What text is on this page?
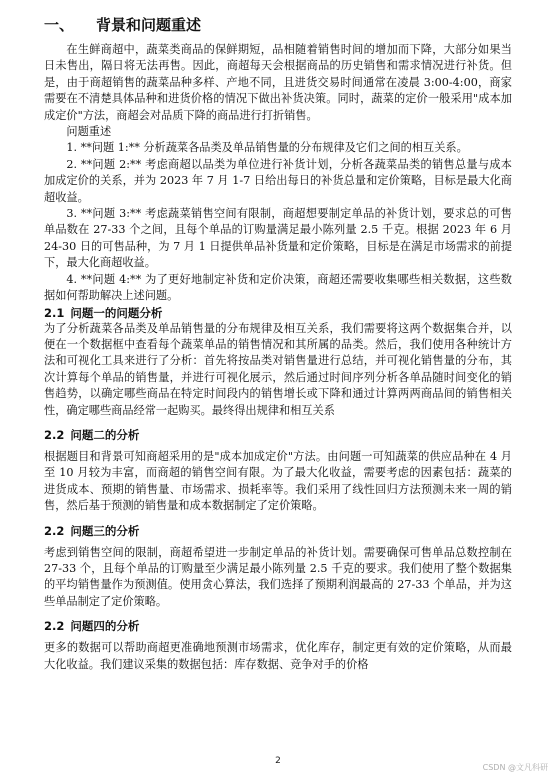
一、 背景和问题重述

在生鲜商超中，蔬菜类商品的保鲜期短，品相随着销售时间的增加而下降，大部分如果当日未售出，隔日将无法再售。因此，商超每天会根据商品的历史销售和需求情况进行补货。但是，由于商超销售的蔬菜品种多样、产地不同，且进货交易时间通常在凌晨 3:00-4:00，商家需要在不清楚具体品种和进货价格的情况下做出补货决策。同时，蔬菜的定价一般采用"成本加成定价"方法，商超会对品质下降的商品进行打折销售。

问题重述

1. **问题 1:** 分析蔬菜各品类及单品销售量的分布规律及它们之间的相互关系。

2. **问题 2:** 考虑商超以品类为单位进行补货计划，分析各蔬菜品类的销售总量与成本加成定价的关系，并为 2023 年 7 月 1-7 日给出每日的补货总量和定价策略，目标是最大化商超收益。

3. **问题 3:** 考虑蔬菜销售空间有限制，商超想要制定单品的补货计划，要求总的可售单品数在 27-33 个之间，且每个单品的订购量满足最小陈列量 2.5 千克。根据 2023 年 6 月 24-30 日的可售品种，为 7 月 1 日提供单品补货量和定价策略，目标是在满足市场需求的前提下，最大化商超收益。

4. **问题 4:** 为了更好地制定补货和定价决策，商超还需要收集哪些相关数据，这些数据如何帮助解决上述问题。

2.1 问题一的问题分析

为了分析蔬菜各品类及单品销售量的分布规律及相互关系，我们需要将这两个数据集合并，以便在一个数据框中查看每个蔬菜单品的销售情况和其所属的品类。然后，我们使用各种统计方法和可视化工具来进行了分析：首先将按品类对销售量进行总结，并可视化销售量的分布，其次计算每个单品的销售量，并进行可视化展示，然后通过时间序列分析各单品随时间变化的销售趋势，以确定哪些商品在特定时间段内的销售增长或下降和通过计算两两商品间的销售相关性，确定哪些商品经常一起购买。最终得出规律和相互关系

2.2 问题二的分析

根据题目和背景可知商超采用的是"成本加成定价"方法。由问题一可知蔬菜的供应品种在 4 月至 10 月较为丰富，而商超的销售空间有限。为了最大化收益，需要考虑的因素包括：蔬菜的进货成本、预期的销售量、市场需求、损耗率等。我们采用了线性回归方法预测未来一周的销售，然后基于预测的销售量和成本数据制定了定价策略。

2.2 问题三的分析

考虑到销售空间的限制，商超希望进一步制定单品的补货计划。需要确保可售单品总数控制在 27-33 个，且每个单品的订购量至少满足最小陈列量 2.5 千克的要求。我们使用了整个数据集的平均销售量作为预测值。使用贪心算法，我们选择了预期利润最高的 27-33 个单品，并为这些单品制定了定价策略。

2.2 问题四的分析

更多的数据可以帮助商超更准确地预测市场需求，优化库存，制定更有效的定价策略，从而最大化收益。我们建议采集的数据包括：库存数据、竞争对手的价格

2
CSDN @文凡科研
